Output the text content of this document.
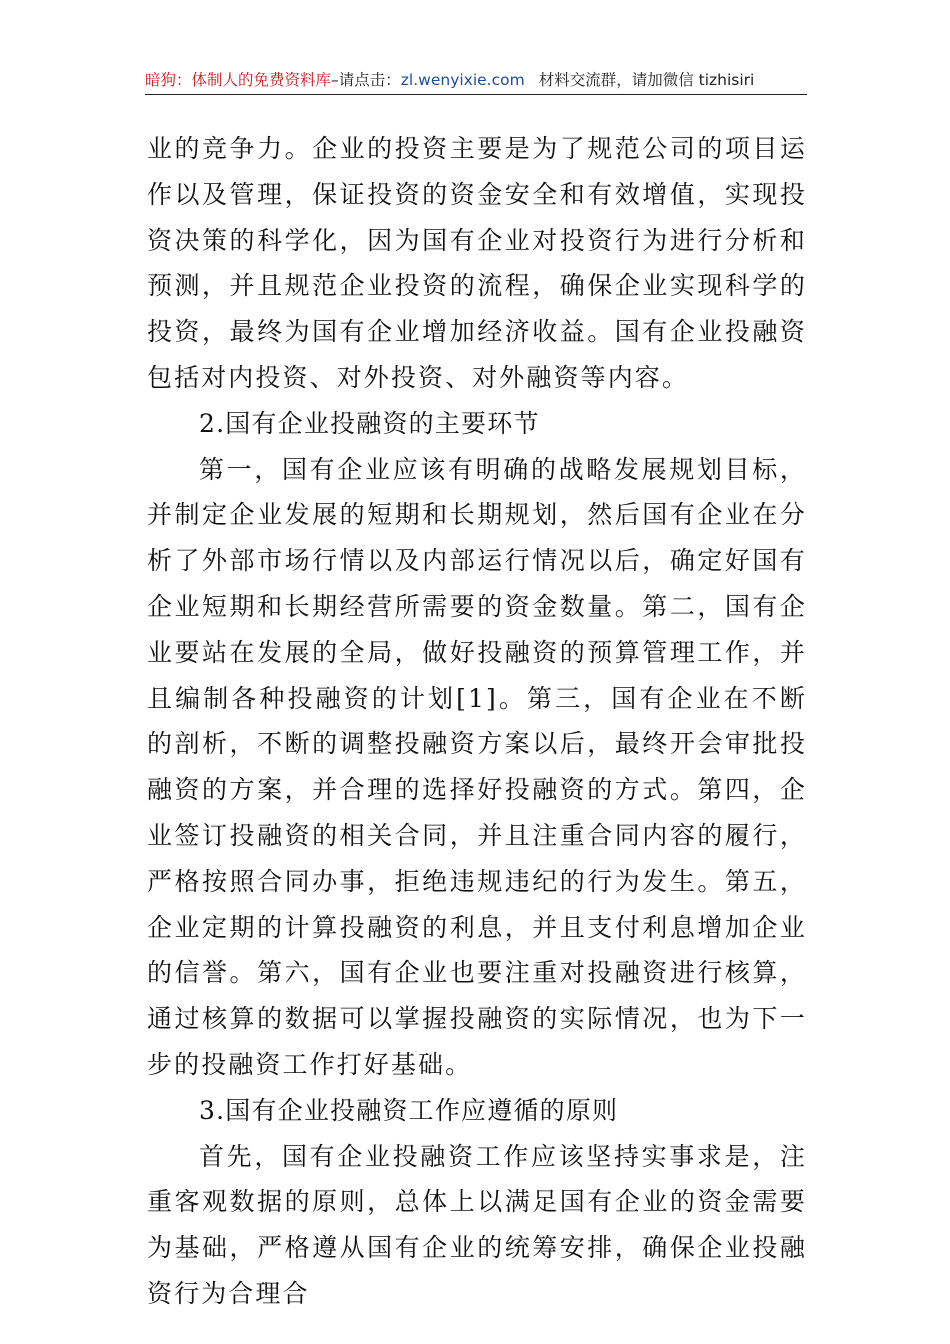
暗狗：体制人的免费资料库–请点击：zl.wenyixie.com 材料交流群，请加微信 tizhisiri

业的竞争力。企业的投资主要是为了规范公司的项目运作以及管理，保证投资的资金安全和有效增值，实现投资决策的科学化，因为国有企业对投资行为进行分析和预测，并且规范企业投资的流程，确保企业实现科学的投资，最终为国有企业增加经济收益。国有企业投融资包括对内投资、对外投资、对外融资等内容。

2.国有企业投融资的主要环节

第一，国有企业应该有明确的战略发展规划目标，并制定企业发展的短期和长期规划，然后国有企业在分析了外部市场行情以及内部运行情况以后，确定好国有企业短期和长期经营所需要的资金数量。第二，国有企业要站在发展的全局，做好投融资的预算管理工作，并且编制各种投融资的计划[1]。第三，国有企业在不断的剖析，不断的调整投融资方案以后，最终开会审批投融资的方案，并合理的选择好投融资的方式。第四，企业签订投融资的相关合同，并且注重合同内容的履行，严格按照合同办事，拒绝违规违纪的行为发生。第五，企业定期的计算投融资的利息，并且支付利息增加企业的信誉。第六，国有企业也要注重对投融资进行核算，通过核算的数据可以掌握投融资的实际情况，也为下一步的投融资工作打好基础。

3.国有企业投融资工作应遵循的原则

首先，国有企业投融资工作应该坚持实事求是，注重客观数据的原则，总体上以满足国有企业的资金需要为基础，严格遵从国有企业的统筹安排，确保企业投融资行为合理合
